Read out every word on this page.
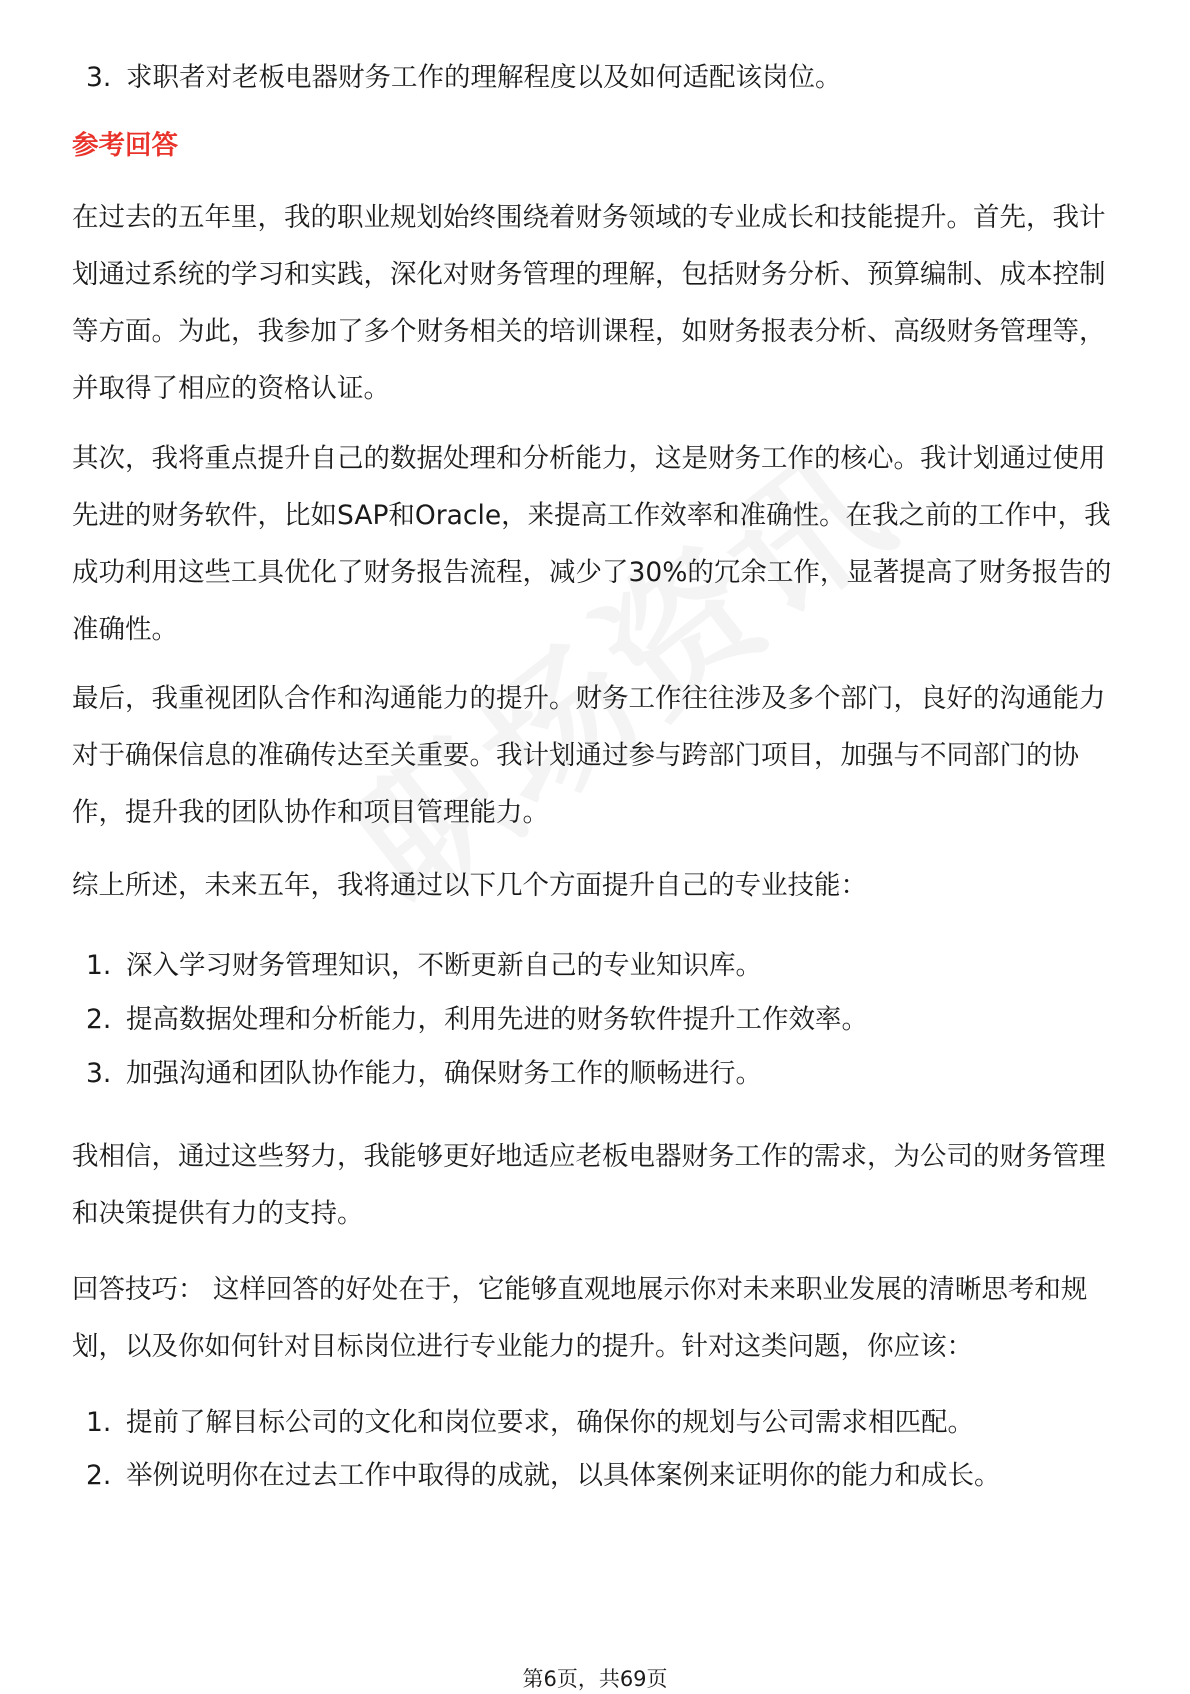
3. 求职者对老板电器财务工作的理解程度以及如何适配该岗位。

参考回答

在过去的五年里，我的职业规划始终围绕着财务领域的专业成长和技能提升。首先，我计划通过系统的学习和实践，深化对财务管理的理解，包括财务分析、预算编制、成本控制等方面。为此，我参加了多个财务相关的培训课程，如财务报表分析、高级财务管理等，并取得了相应的资格认证。

其次，我将重点提升自己的数据处理和分析能力，这是财务工作的核心。我计划通过使用先进的财务软件，比如SAP和Oracle，来提高工作效率和准确性。在我之前的工作中，我成功利用这些工具优化了财务报告流程，减少了30%的冗余工作，显著提高了财务报告的准确性。

最后，我重视团队合作和沟通能力的提升。财务工作往往涉及多个部门，良好的沟通能力对于确保信息的准确传达至关重要。我计划通过参与跨部门项目，加强与不同部门的协作，提升我的团队协作和项目管理能力。

综上所述，未来五年，我将通过以下几个方面提升自己的专业技能：

1. 深入学习财务管理知识，不断更新自己的专业知识库。

2. 提高数据处理和分析能力，利用先进的财务软件提升工作效率。

3. 加强沟通和团队协作能力，确保财务工作的顺畅进行。

我相信，通过这些努力，我能够更好地适应老板电器财务工作的需求，为公司的财务管理和决策提供有力的支持。

回答技巧： 这样回答的好处在于，它能够直观地展示你对未来职业发展的清晰思考和规划，以及你如何针对目标岗位进行专业能力的提升。针对这类问题，你应该：

1. 提前了解目标公司的文化和岗位要求，确保你的规划与公司需求相匹配。

2. 举例说明你在过去工作中取得的成就，以具体案例来证明你的能力和成长。

第6页，共69页
